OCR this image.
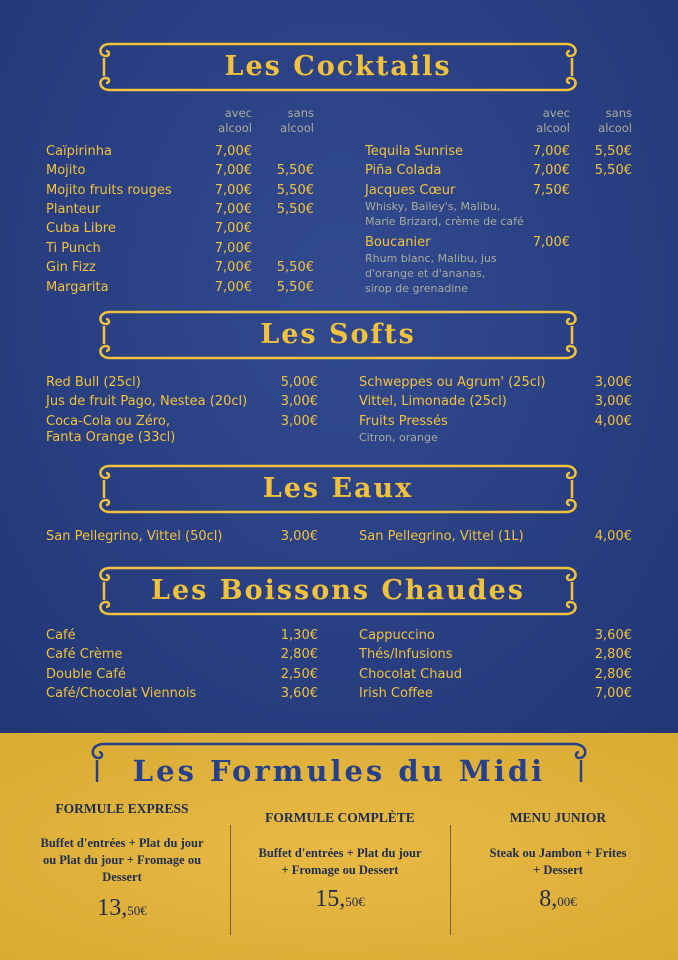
Les Cocktails
Les Softs
Les Eaux
Les Boissons Chaudes
avec
alcool
sans
alcool
avec
alcool
sans
alcool
Caïpirinha	7,00€
Mojito	7,00€	5,50€
Mojito fruits rouges	7,00€	5,50€
Planteur	7,00€	5,50€
Cuba Libre	7,00€
Ti Punch	7,00€
Gin Fizz	7,00€	5,50€
Margarita	7,00€	5,50€
Tequila Sunrise	7,00€	5,50€
Piña Colada	7,00€	5,50€
Jacques Cœur	7,50€
Whisky, Bailey's, Malibu,
Marie Brizard, crème de café
Boucanier	7,00€
Rhum blanc, Malibu, jus
d'orange et d'ananas,
sirop de grenadine
Red Bull (25cl)	5,00€
Jus de fruit Pago, Nestea (20cl)	3,00€
Coca-Cola ou Zéro,
Fanta Orange (33cl)
3,00€
Schweppes ou Agrum' (25cl)	3,00€
Vittel, Limonade (25cl)	3,00€
Fruits Pressés
Citron, orange
4,00€
San Pellegrino, Vittel (50cl)	3,00€	San Pellegrino, Vittel (1L)	4,00€
Café	1,30€
Café Crème	2,80€
Double Café	2,50€
Café/Chocolat Viennois	3,60€
Cappuccino	3,60€
Thés/Infusions	2,80€
Chocolat Chaud	2,80€
Irish Coffee	7,00€
Les Formules du Midi
FORMULE EXPRESS
Buffet d'entrées + Plat du jour
ou Plat du jour + Fromage ou
Dessert
13,50€
FORMULE COMPLÈTE
Buffet d'entrées + Plat du jour
+ Fromage ou Dessert
15,50€
MENU JUNIOR
Steak ou Jambon + Frites
+ Dessert
8,00€
